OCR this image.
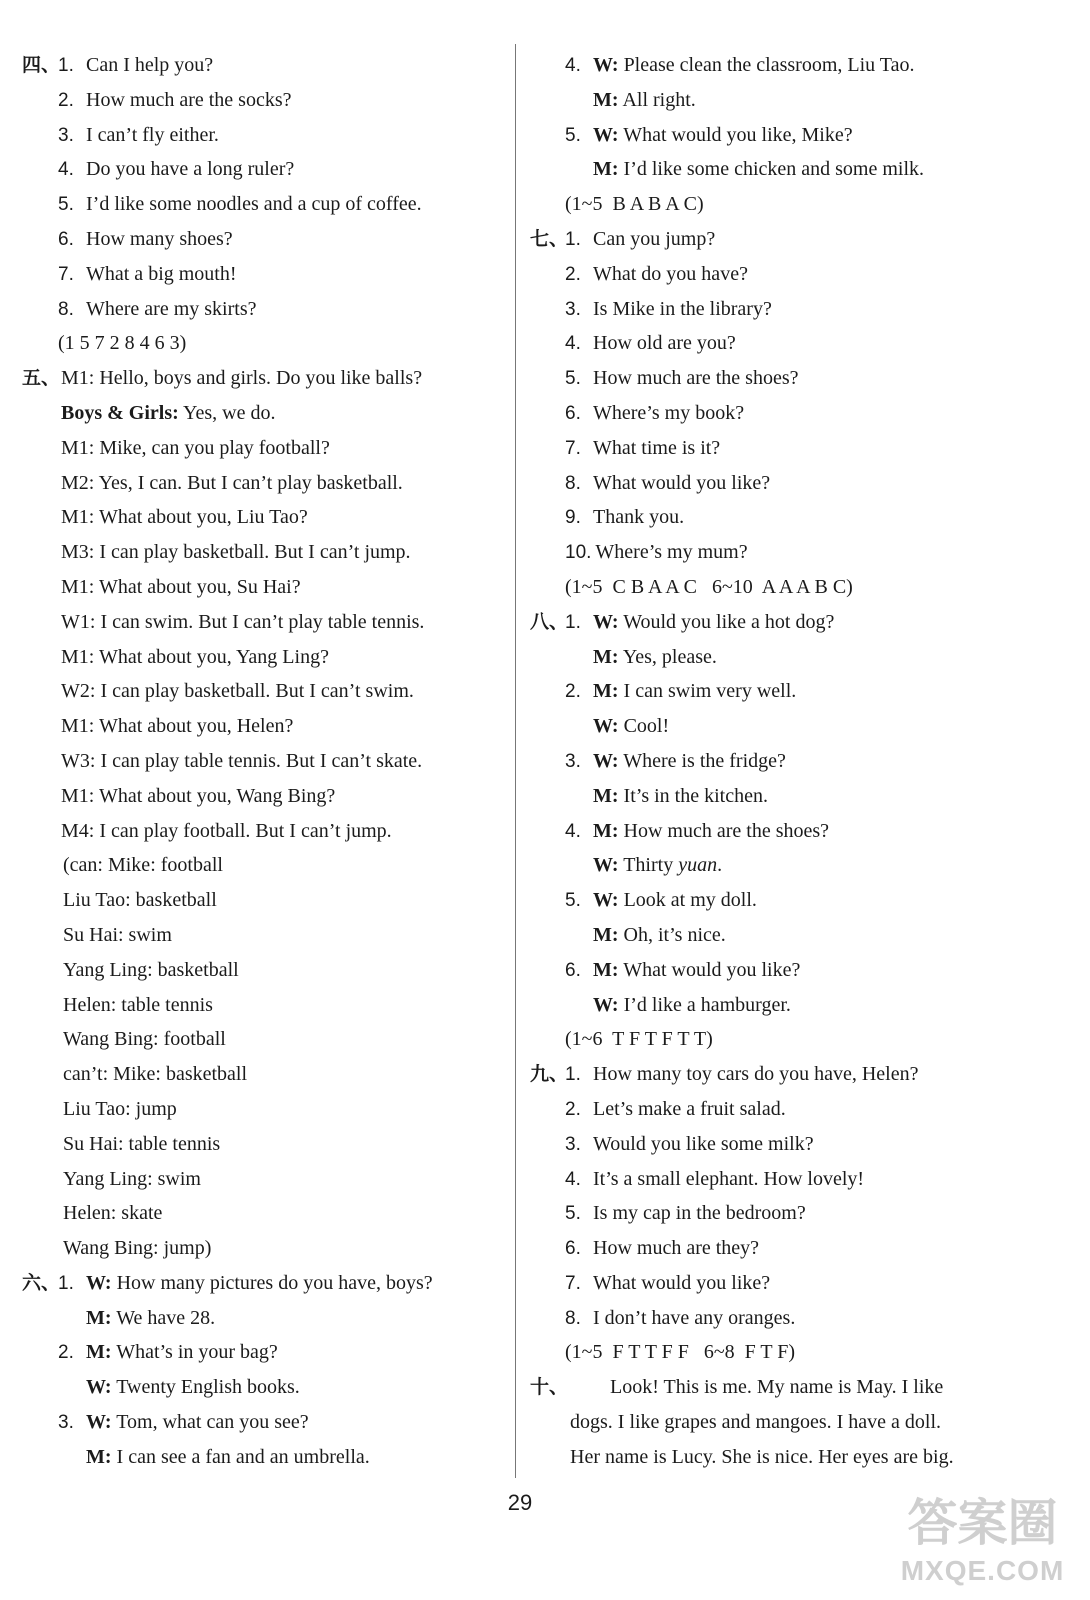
四、
1. Can I help you?
2. How much are the socks?
3. I can’t fly either.
4. Do you have a long ruler?
5. I’d like some noodles and a cup of coffee.
6. How many shoes?
7. What a big mouth!
8. Where are my skirts?
(1 5 7 2 8 4 6 3)
五、 M1: Hello, boys and girls. Do you like balls?
Boys & Girls: Yes, we do.
M1: Mike, can you play football?
M2: Yes, I can. But I can’t play basketball.
M1: What about you, Liu Tao?
M3: I can play basketball. But I can’t jump.
M1: What about you, Su Hai?
W1: I can swim. But I can’t play table tennis.
M1: What about you, Yang Ling?
W2: I can play basketball. But I can’t swim.
M1: What about you, Helen?
W3: I can play table tennis. But I can’t skate.
M1: What about you, Wang Bing?
M4: I can play football. But I can’t jump.
(can: Mike: football
Liu Tao: basketball
Su Hai: swim
Yang Ling: basketball
Helen: table tennis
Wang Bing: football
can’t: Mike: basketball
Liu Tao: jump
Su Hai: table tennis
Yang Ling: swim
Helen: skate
Wang Bing: jump)
六、
1. W: How many pictures do you have, boys?
M: We have 28.
2. M: What’s in your bag?
W: Twenty English books.
3. W: Tom, what can you see?
M: I can see a fan and an umbrella.
4. W: Please clean the classroom, Liu Tao.
M: All right.
5. W: What would you like, Mike?
M: I’d like some chicken and some milk.
(1~5  B A B A C)
七、
1. Can you jump?
2. What do you have?
3. Is Mike in the library?
4. How old are you?
5. How much are the shoes?
6. Where’s my book?
7. What time is it?
8. What would you like?
9. Thank you.
10. Where’s my mum?
(1~5  C B A A C   6~10  A A A B C)
八、
1. W: Would you like a hot dog?
M: Yes, please.
2. M: I can swim very well.
W: Cool!
3. W: Where is the fridge?
M: It’s in the kitchen.
4. M: How much are the shoes?
W: Thirty yuan.
5. W: Look at my doll.
M: Oh, it’s nice.
6. M: What would you like?
W: I’d like a hamburger.
(1~6  T F T F T T)
九、
1. How many toy cars do you have, Helen?
2. Let’s make a fruit salad.
3. Would you like some milk?
4. It’s a small elephant. How lovely!
5. Is my cap in the bedroom?
6. How much are they?
7. What would you like?
8. I don’t have any oranges.
(1~5  F T T F F   6~8  F T F)
十、 Look! This is me. My name is May. I like
dogs. I like grapes and mangoes. I have a doll.
Her name is Lucy. She is nice. Her eyes are big.
29	答案圈
MXQE.COM
